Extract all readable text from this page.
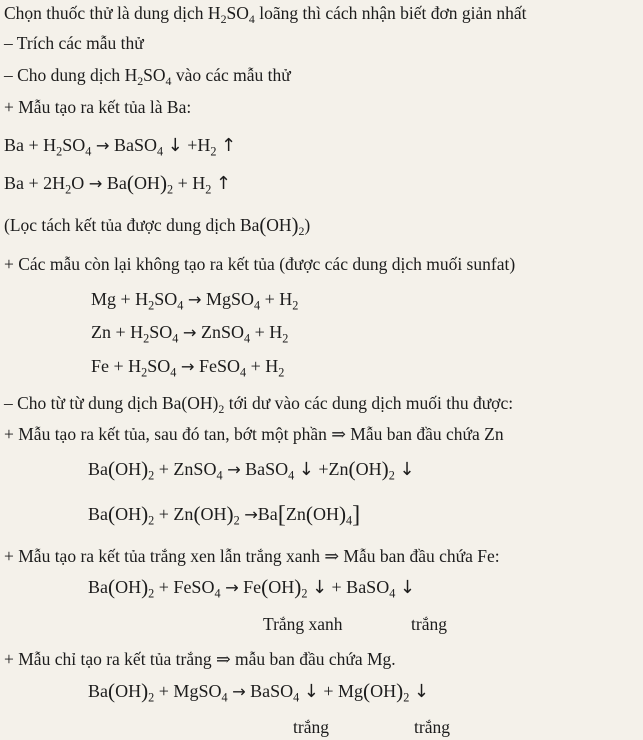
Chọn thuốc thử là dung dịch $H_2SO_4$ loãng thì cách nhận biết đơn giản nhất
– Trích các mẫu thử
– Cho dung dịch $H_2SO_4$ vào các mẫu thử
+ Mẫu tạo ra kết tủa là Ba:
$Ba + H_2SO_4$ → BaSO$_4$ ↓ $+H_2$ ↑
$Ba + 2H_2O \to Ba(OH)_2 + H_2$ ↑
(Lọc tách kết tủa được dung dịch $Ba(OH)_2$)
+ Các mẫu còn lại không tạo ra kết tủa (được các dung dịch muối sunfat)
$Mg + H_2SO_4$ → MgSO$_4$ + $H_2$
$Zn + H_2SO_4$ → ZnSO$_4$ + $H_2$
$Fe + H_2SO_4$ → FeSO$_4$ + $H_2$
– Cho từ từ dung dịch $Ba(OH)_2$ tới dư vào các dung dịch muối thu được:
+ Mẫu tạo ra kết tủa, sau đó tan, bớt một phần ⇒ Mẫu ban đầu chứa Zn
$Ba(OH)_2$ + ZnSO$_4$ → BaSO$_4$ ↓ $+Zn(OH)_2$ ↓
$Ba(OH)_2 + Zn(OH)_2 \to Ba[Zn(OH)_4]$
+ Mẫu tạo ra kết tủa trắng xen lẫn trắng xanh ⇒ Mẫu ban đầu chứa Fe:
$Ba(OH)_2$ + FeSO$_4$ → $Fe(OH)_2$ ↓ + BaSO$_4$ ↓
Trắng xanh	trắng
+ Mẫu chỉ tạo ra kết tủa trắng ⇒ mẫu ban đầu chứa Mg.
$Ba(OH)_2$ + MgSO$_4$ → BaSO$_4$ ↓ + $Mg(OH)_2$ ↓
trắng	trắng
